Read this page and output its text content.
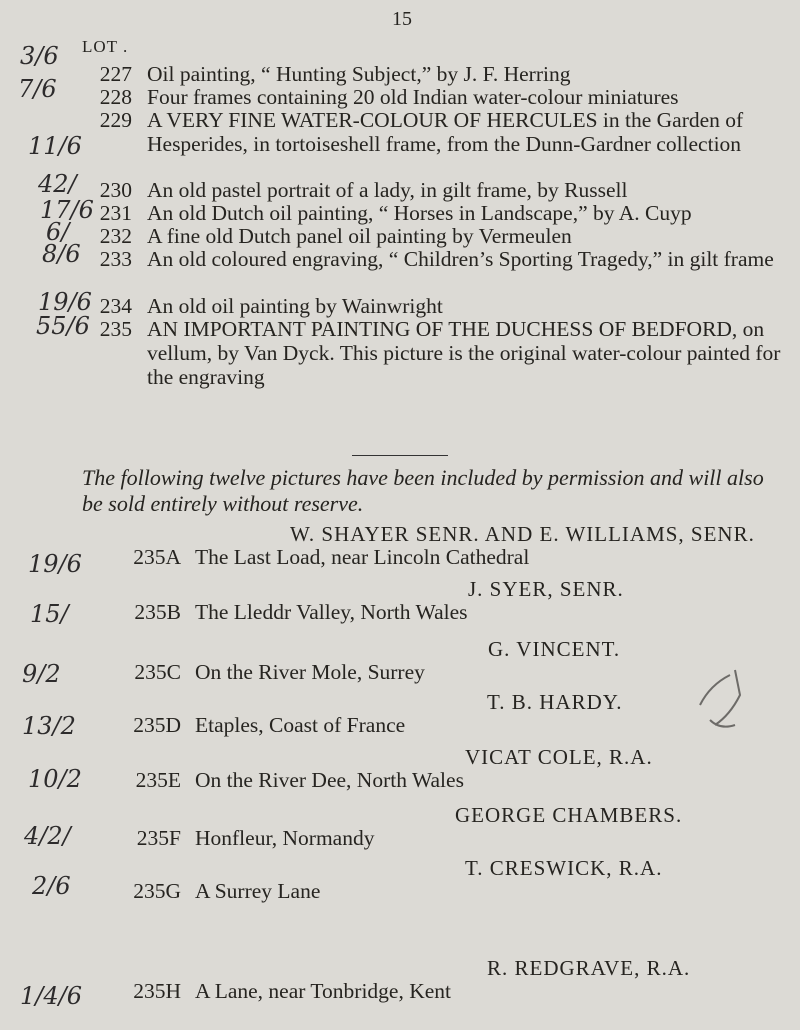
15
LOT .
3/6
7/6
11/6
42/
17/6
6/
8/6
19/6
55/6
19/6
15/
9/2
13/2
10/2
4/2/
2/6
1/4/6
227 Oil painting, “ Hunting Subject,” by J. F. Herring
228 Four frames containing 20 old Indian water-colour miniatures
229 A VERY FINE WATER-COLOUR OF HERCULES in the Garden of Hesperides, in tortoiseshell frame, from the Dunn-Gardner collection
230 An old pastel portrait of a lady, in gilt frame, by Russell
231 An old Dutch oil painting, “ Horses in Landscape,” by A. Cuyp
232 A fine old Dutch panel oil painting by Vermeulen
233 An old coloured engraving, “ Children’s Sporting Tragedy,” in gilt frame
234 An old oil painting by Wainwright
235 AN IMPORTANT PAINTING OF THE DUCHESS OF BEDFORD, on vellum, by Van Dyck. This picture is the original water-colour painted for the engraving
The following twelve pictures have been included by permission and will also be sold entirely without reserve.
W. SHAYER SENR. AND E. WILLIAMS, SENR.
235A The Last Load, near Lincoln Cathedral
J. SYER, SENR.
235B The Lleddr Valley, North Wales
G. VINCENT.
235C On the River Mole, Surrey
T. B. HARDY.
235D Etaples, Coast of France
VICAT COLE, R.A.
235E On the River Dee, North Wales
GEORGE CHAMBERS.
235F Honfleur, Normandy
T. CRESWICK, R.A.
235G A Surrey Lane
R. REDGRAVE, R.A.
235H A Lane, near Tonbridge, Kent
